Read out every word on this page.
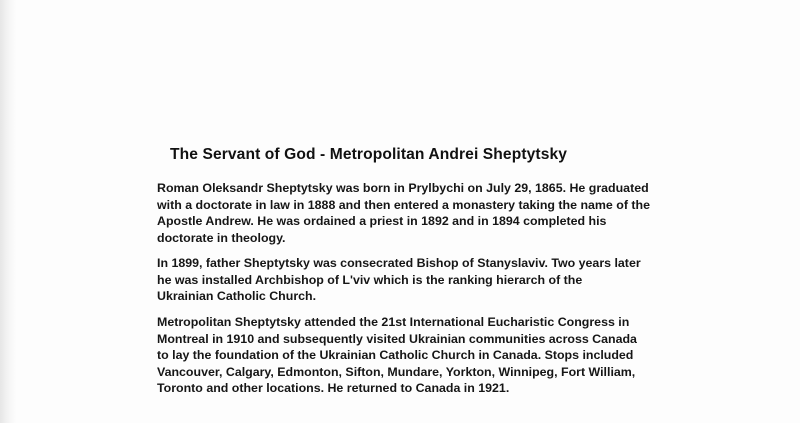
The Servant of God - Metropolitan Andrei Sheptytsky

Roman Oleksandr Sheptytsky was born in Prylbychi on July 29, 1865. He graduated
with a doctorate in law in 1888 and then entered a monastery taking the name of the
Apostle Andrew. He was ordained a priest in 1892 and in 1894 completed his
doctorate in theology.

In 1899, father Sheptytsky was consecrated Bishop of Stanyslaviv. Two years later
he was installed Archbishop of L'viv which is the ranking hierarch of the
Ukrainian Catholic Church.

Metropolitan Sheptytsky attended the 21st International Eucharistic Congress in
Montreal in 1910 and subsequently visited Ukrainian communities across Canada
to lay the foundation of the Ukrainian Catholic Church in Canada. Stops included
Vancouver, Calgary, Edmonton, Sifton, Mundare, Yorkton, Winnipeg, Fort William,
Toronto and other locations. He returned to Canada in 1921.
